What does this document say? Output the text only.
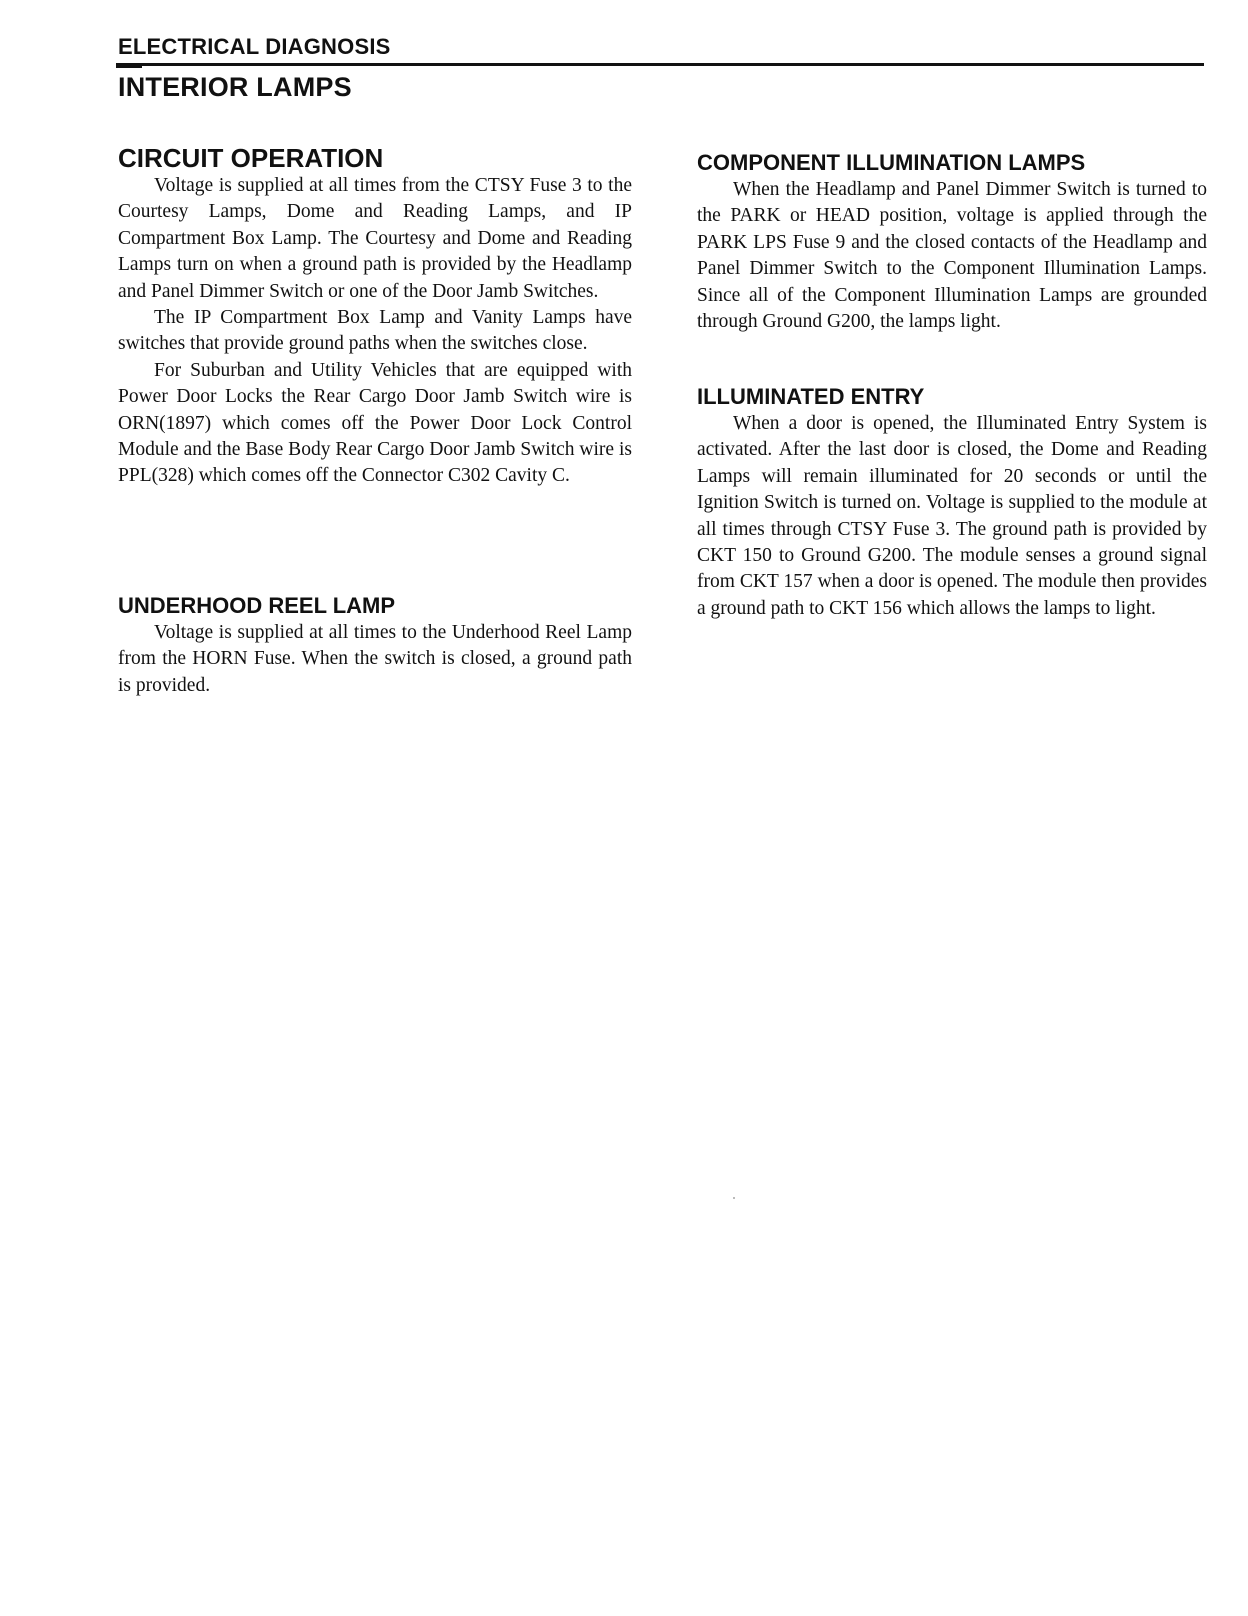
ELECTRICAL DIAGNOSIS
INTERIOR LAMPS
CIRCUIT OPERATION

Voltage is supplied at all times from the CTSY Fuse 3 to the Courtesy Lamps, Dome and Reading Lamps, and IP Compartment Box Lamp. The Courtesy and Dome and Reading Lamps turn on when a ground path is provided by the Headlamp and Panel Dimmer Switch or one of the Door Jamb Switches.

The IP Compartment Box Lamp and Vanity Lamps have switches that provide ground paths when the switches close.

For Suburban and Utility Vehicles that are equipped with Power Door Locks the Rear Cargo Door Jamb Switch wire is ORN(1897) which comes off the Power Door Lock Control Module and the Base Body Rear Cargo Door Jamb Switch wire is PPL(328) which comes off the Connector C302 Cavity C.

UNDERHOOD REEL LAMP

Voltage is supplied at all times to the Underhood Reel Lamp from the HORN Fuse. When the switch is closed, a ground path is provided.

COMPONENT ILLUMINATION LAMPS

When the Headlamp and Panel Dimmer Switch is turned to the PARK or HEAD position, voltage is applied through the PARK LPS Fuse 9 and the closed contacts of the Headlamp and Panel Dimmer Switch to the Component Illumination Lamps. Since all of the Component Illumination Lamps are grounded through Ground G200, the lamps light.

ILLUMINATED ENTRY

When a door is opened, the Illuminated Entry System is activated. After the last door is closed, the Dome and Reading Lamps will remain illuminated for 20 seconds or until the Ignition Switch is turned on. Voltage is supplied to the module at all times through CTSY Fuse 3. The ground path is provided by CKT 150 to Ground G200. The module senses a ground signal from CKT 157 when a door is opened. The module then provides a ground path to CKT 156 which allows the lamps to light.
